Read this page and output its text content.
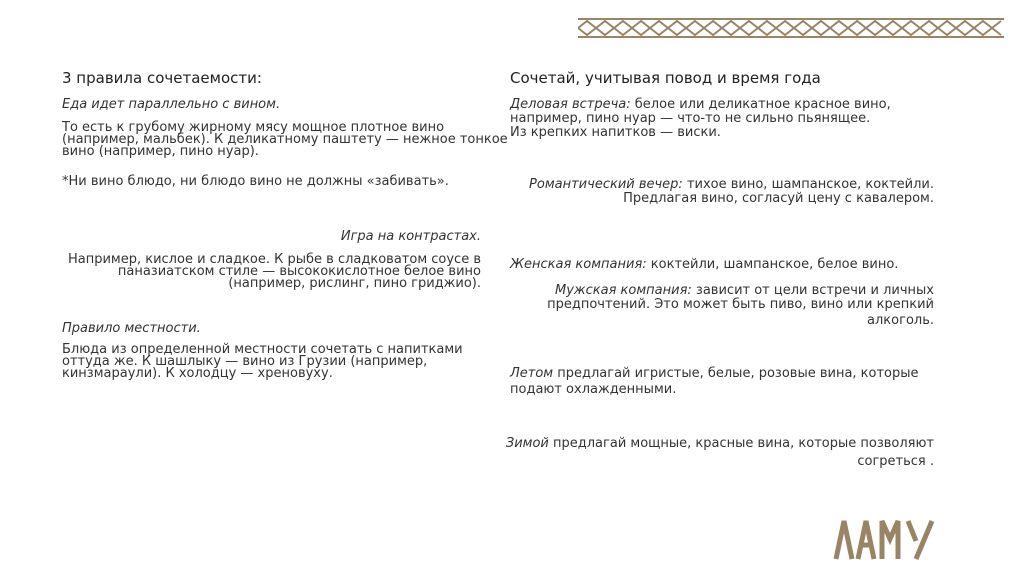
3 правила сочетаемости:
Еда идет параллельно с вином.
То есть к грубому жирному мясу мощное плотное вино
(например, мальбек). К деликатному паштету — нежное тонкое
вино (например, пино нуар).
*Ни вино блюдо, ни блюдо вино не должны «забивать».
Игра на контрастах.
Например, кислое и сладкое. К рыбе в сладковатом соусе в
паназиатском стиле — высококислотное белое вино
(например, рислинг, пино гриджио).
Правило местности.
Блюда из определенной местности сочетать с напитками
оттуда же. К шашлыку — вино из Грузии (например,
кинзмараули). К холодцу — хреновуху.
Сочетай, учитывая повод и время года
Деловая встреча: белое или деликатное красное вино,
например, пино нуар — что-то не сильно пьянящее.
Из крепких напитков — виски.
Романтический вечер: тихое вино, шампанское, коктейли.
Предлагая вино, согласуй цену с кавалером.
Женская компания: коктейли, шампанское, белое вино.
Мужская компания: зависит от цели встречи и личных
предпочтений. Это может быть пиво, вино или крепкий
алкоголь.
Летом предлагай игристые, белые, розовые вина, которые
подают охлажденными.
Зимой предлагай мощные, красные вина, которые позволяют
согреться .
